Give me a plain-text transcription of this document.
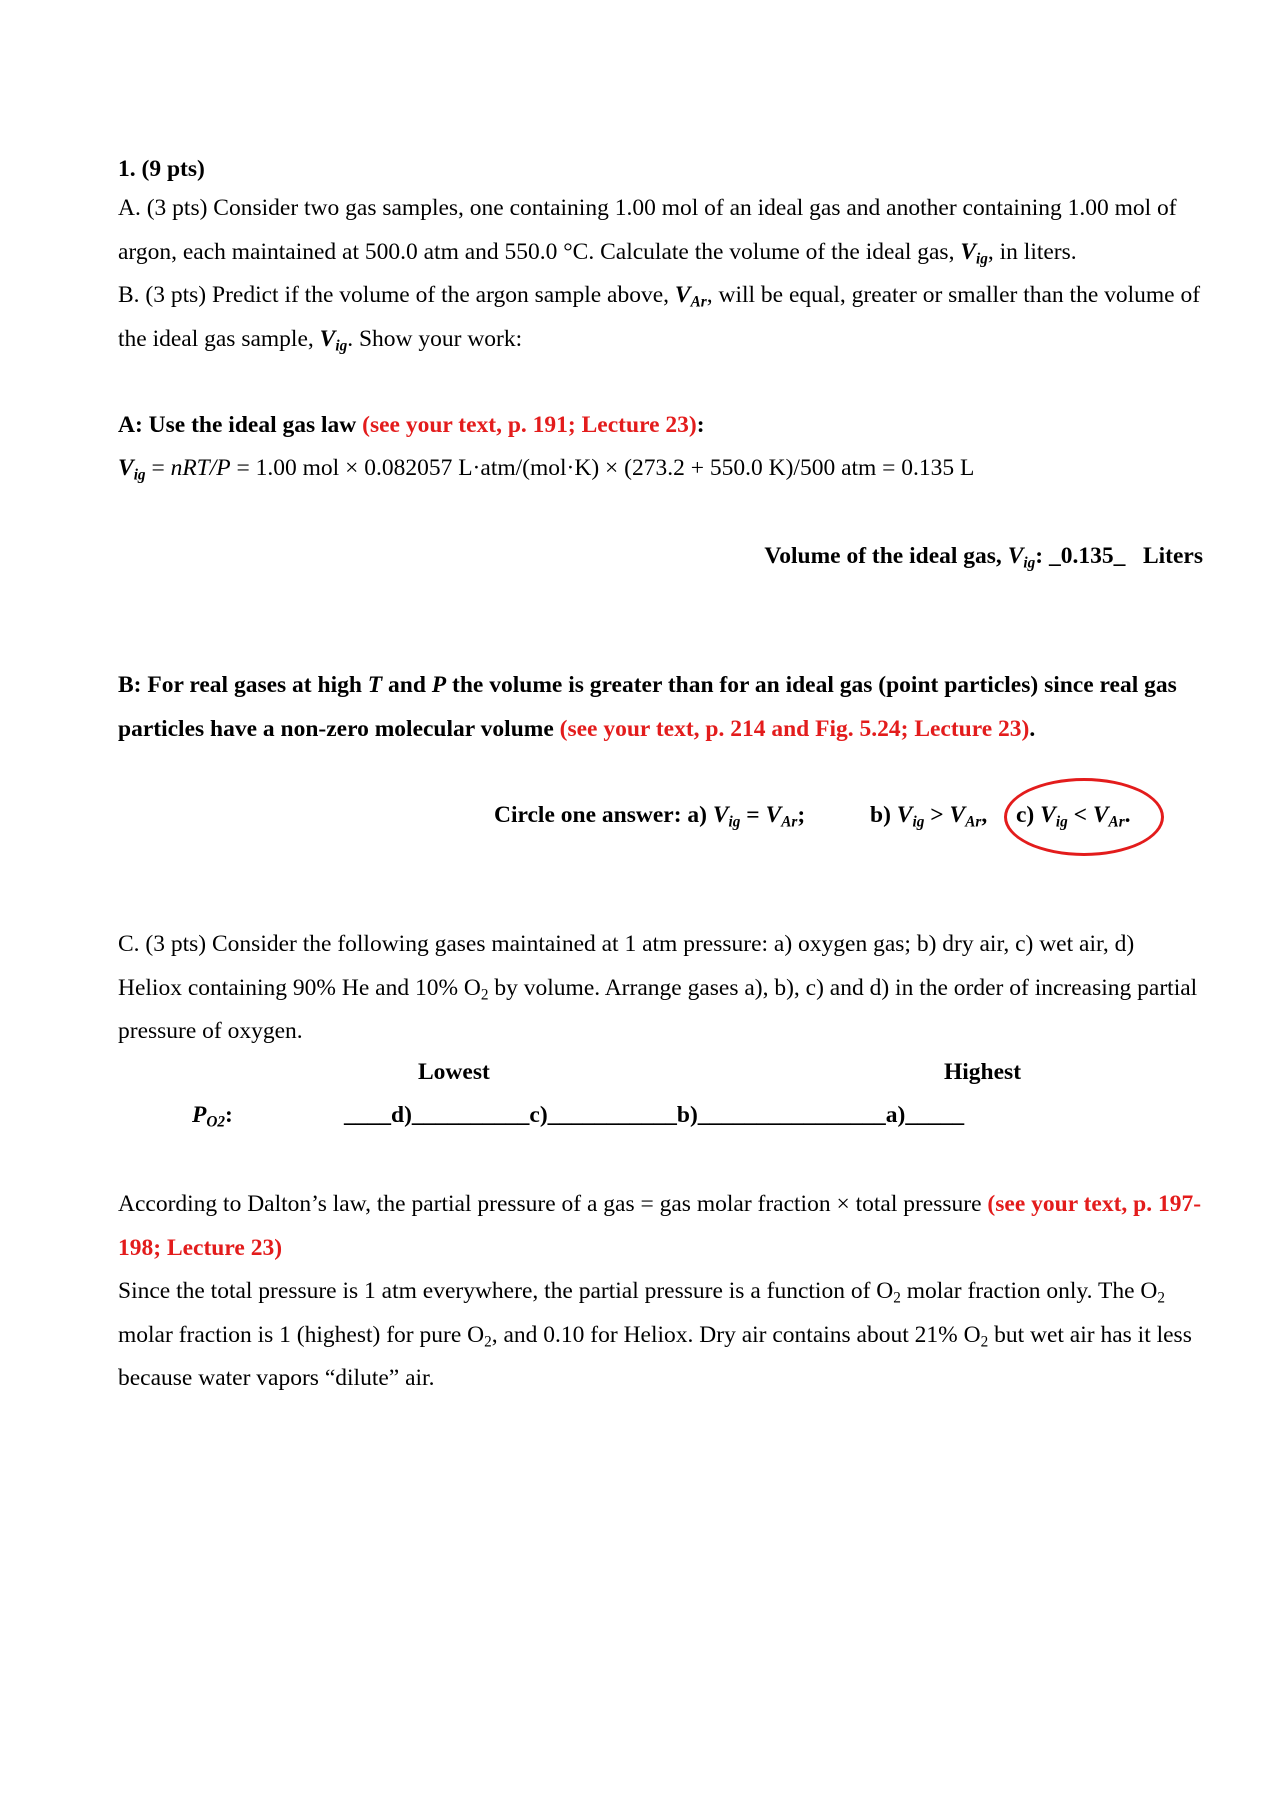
1. (9 pts)

A. (3 pts) Consider two gas samples, one containing 1.00 mol of an ideal gas and another containing 1.00 mol of argon, each maintained at 500.0 atm and 550.0 °C. Calculate the volume of the ideal gas, $V_{ig}$, in liters.

B. (3 pts) Predict if the volume of the argon sample above, $V_{Ar}$, will be equal, greater or smaller than the volume of the ideal gas sample, $V_{ig}$. Show your work:

A: Use the ideal gas law (see your text, p. 191; Lecture 23):

$V_{ig} = nRT/P = 1.00$ mol × 0.082057 L·atm/(mol·K) × (273.2 + 550.0 K)/500 atm = 0.135 L

Volume of the ideal gas, $V_{ig}$: _0.135_ Liters

B: For real gases at high T and P the volume is greater than for an ideal gas (point particles) since real gas particles have a non-zero molecular volume (see your text, p. 214 and Fig. 5.24; Lecture 23).

Circle one answer: a) $V_{ig} = V_{Ar}$;	b) $V_{ig} > V_{Ar}$, c) $V_{ig} < V_{Ar}$.

C. (3 pts) Consider the following gases maintained at 1 atm pressure: a) oxygen gas; b) dry air, c) wet air, d) Heliox containing 90% He and 10% $O_2$ by volume. Arrange gases a), b), c) and d) in the order of increasing partial pressure of oxygen.

Lowest	Highest
$P_{O2}$:	____d)__________c)___________b)________________a)_____

According to Dalton’s law, the partial pressure of a gas = gas molar fraction × total pressure (see your text, p. 197-198; Lecture 23)

Since the total pressure is 1 atm everywhere, the partial pressure is a function of $O_2$ molar fraction only. The $O_2$ molar fraction is 1 (highest) for pure $O_2$, and 0.10 for Heliox. Dry air contains about 21% $O_2$ but wet air has it less because water vapors “dilute” air.
